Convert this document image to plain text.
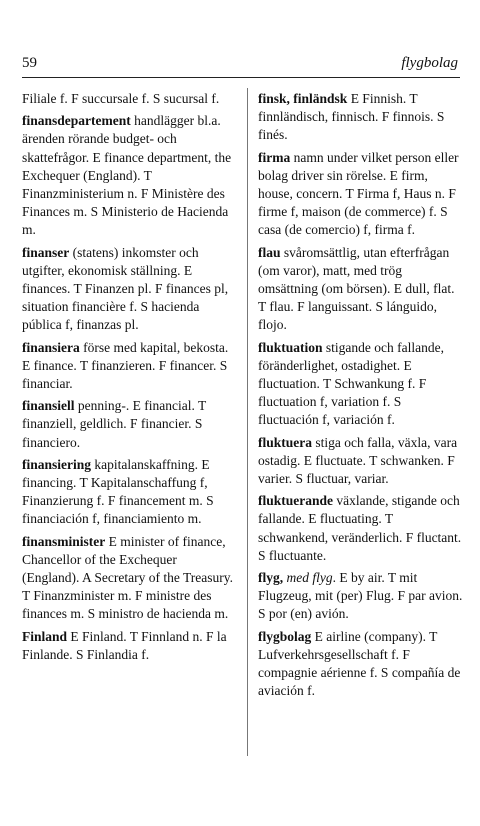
59	flygbolag
Filiale f. F succursale f. S sucursal f.
finansdepartement handlägger bl.a. ärenden rörande budget- och skattefrågor. E finance department, the Exchequer (England). T Finanzministerium n. F Ministère des Finances m. S Ministerio de Hacienda m.
finanser (statens) inkomster och utgifter, ekonomisk ställning. E finances. T Finanzen pl. F finances pl, situation financière f. S hacienda pública f, finanzas pl.
finansiera förse med kapital, bekosta. E finance. T finanzieren. F financer. S financiar.
finansiell penning-. E financial. T finanziell, geldlich. F financier. S financiero.
finansiering kapitalanskaffning. E financing. T Kapitalanschaffung f, Finanzierung f. F financement m. S financiación f, financiamiento m.
finansminister E minister of finance, Chancellor of the Exchequer (England). A Secretary of the Treasury. T Finanzminister m. F ministre des finances m. S ministro de hacienda m.
Finland E Finland. T Finnland n. F la Finlande. S Finlandia f.
finsk, finländsk E Finnish. T finnländisch, finnisch. F finnois. S finés.
firma namn under vilket person eller bolag driver sin rörelse. E firm, house, concern. T Firma f, Haus n. F firme f, maison (de commerce) f. S casa (de comercio) f, firma f.
flau svåromsättlig, utan efterfrågan (om varor), matt, med trög omsättning (om börsen). E dull, flat. T flau. F languissant. S lánguido, flojo.
fluktuation stigande och fallande, föränderlighet, ostadighet. E fluctuation. T Schwankung f. F fluctuation f, variation f. S fluctuación f, variación f.
fluktuera stiga och falla, växla, vara ostadig. E fluctuate. T schwanken. F varier. S fluctuar, variar.
fluktuerande växlande, stigande och fallande. E fluctuating. T schwankend, veränderlich. F fluctant. S fluctuante.
flyg, med flyg. E by air. T mit Flugzeug, mit (per) Flug. F par avion. S por (en) avión.
flygbolag E airline (company). T Lufverkehrsgesellschaft f. F compagnie aérienne f. S compañía de aviación f.
